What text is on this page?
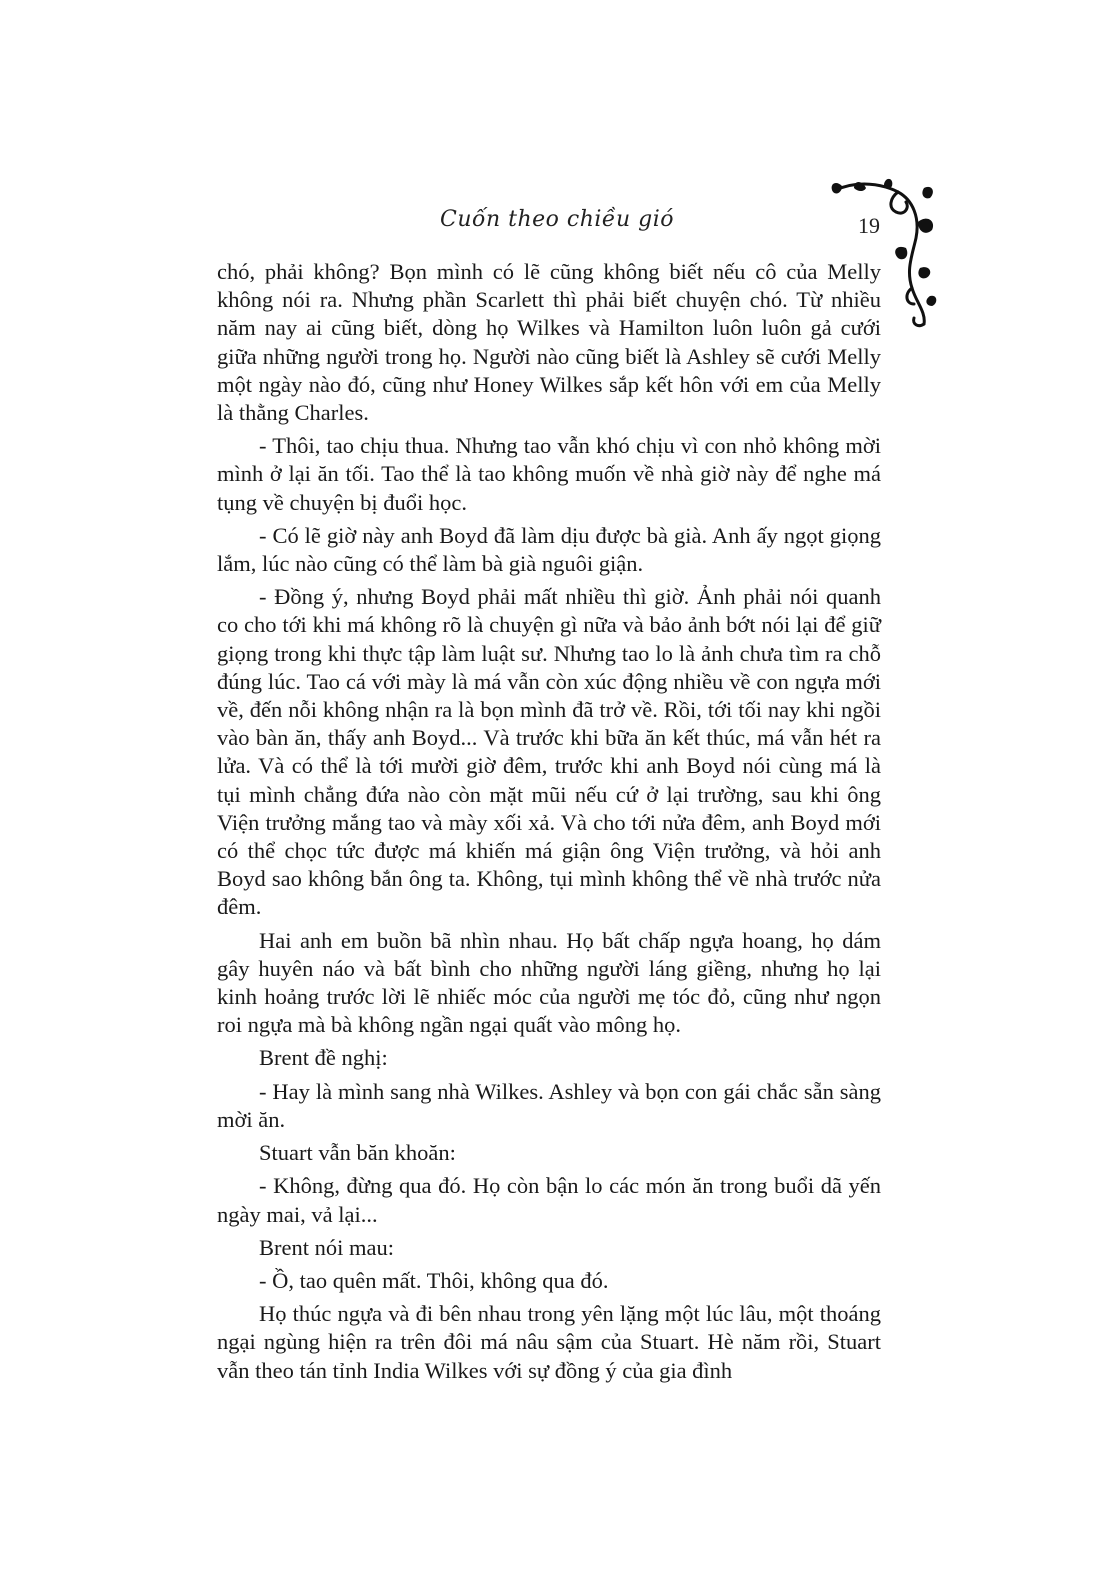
Cuốn theo chiều gió	19

chó, phải không? Bọn mình có lẽ cũng không biết nếu cô của Melly không nói ra. Nhưng phần Scarlett thì phải biết chuyện chó. Từ nhiều năm nay ai cũng biết, dòng họ Wilkes và Hamilton luôn luôn gả cưới giữa những người trong họ. Người nào cũng biết là Ashley sẽ cưới Melly một ngày nào đó, cũng như Honey Wilkes sắp kết hôn với em của Melly là thằng Charles.

- Thôi, tao chịu thua. Nhưng tao vẫn khó chịu vì con nhỏ không mời mình ở lại ăn tối. Tao thể là tao không muốn về nhà giờ này để nghe má tụng về chuyện bị đuổi học.

- Có lẽ giờ này anh Boyd đã làm dịu được bà già. Anh ấy ngọt giọng lắm, lúc nào cũng có thể làm bà già nguôi giận.

- Đồng ý, nhưng Boyd phải mất nhiều thì giờ. Ảnh phải nói quanh co cho tới khi má không rõ là chuyện gì nữa và bảo ảnh bớt nói lại để giữ giọng trong khi thực tập làm luật sư. Nhưng tao lo là ảnh chưa tìm ra chỗ đúng lúc. Tao cá với mày là má vẫn còn xúc động nhiều về con ngựa mới về, đến nỗi không nhận ra là bọn mình đã trở về. Rồi, tới tối nay khi ngồi vào bàn ăn, thấy anh Boyd... Và trước khi bữa ăn kết thúc, má vẫn hét ra lửa. Và có thể là tới mười giờ đêm, trước khi anh Boyd nói cùng má là tụi mình chẳng đứa nào còn mặt mũi nếu cứ ở lại trường, sau khi ông Viện trưởng mắng tao và mày xối xả. Và cho tới nửa đêm, anh Boyd mới có thể chọc tức được má khiến má giận ông Viện trưởng, và hỏi anh Boyd sao không bắn ông ta. Không, tụi mình không thể về nhà trước nửa đêm.

Hai anh em buồn bã nhìn nhau. Họ bất chấp ngựa hoang, họ dám gây huyên náo và bất bình cho những người láng giềng, nhưng họ lại kinh hoảng trước lời lẽ nhiếc móc của người mẹ tóc đỏ, cũng như ngọn roi ngựa mà bà không ngần ngại quất vào mông họ.

Brent đề nghị:

- Hay là mình sang nhà Wilkes. Ashley và bọn con gái chắc sẵn sàng mời ăn.

Stuart vẫn băn khoăn:

- Không, đừng qua đó. Họ còn bận lo các món ăn trong buổi dã yến ngày mai, vả lại...

Brent nói mau:

- Ồ, tao quên mất. Thôi, không qua đó.

Họ thúc ngựa và đi bên nhau trong yên lặng một lúc lâu, một thoáng ngại ngùng hiện ra trên đôi má nâu sậm của Stuart. Hè năm rồi, Stuart vẫn theo tán tỉnh India Wilkes với sự đồng ý của gia đình
